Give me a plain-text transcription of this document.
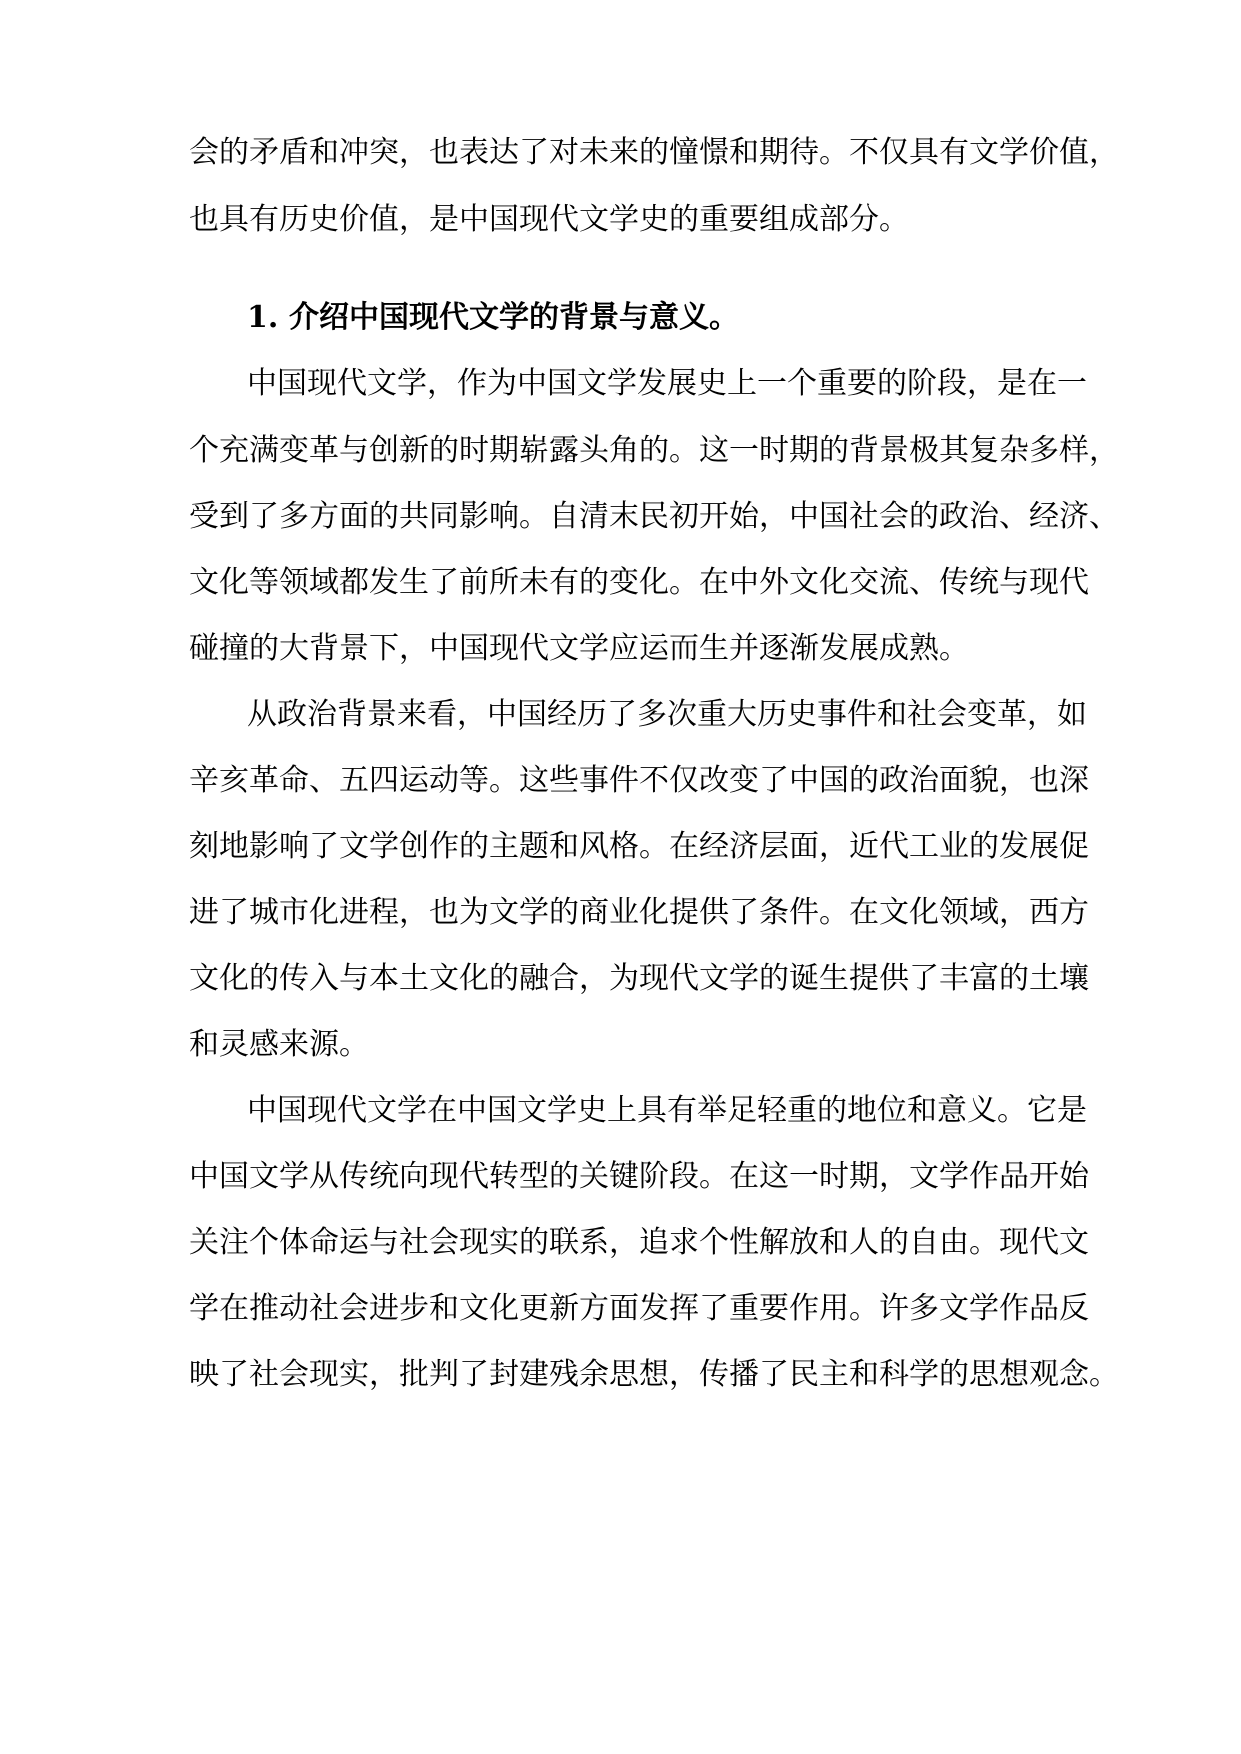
会的矛盾和冲突，也表达了对未来的憧憬和期待。不仅具有文学价值，
也具有历史价值，是中国现代文学史的重要组成部分。
1. 介绍中国现代文学的背景与意义。
中国现代文学，作为中国文学发展史上一个重要的阶段，是在一
个充满变革与创新的时期崭露头角的。这一时期的背景极其复杂多样，
受到了多方面的共同影响。自清末民初开始，中国社会的政治、经济、
文化等领域都发生了前所未有的变化。在中外文化交流、传统与现代
碰撞的大背景下，中国现代文学应运而生并逐渐发展成熟。
从政治背景来看，中国经历了多次重大历史事件和社会变革，如
辛亥革命、五四运动等。这些事件不仅改变了中国的政治面貌，也深
刻地影响了文学创作的主题和风格。在经济层面，近代工业的发展促
进了城市化进程，也为文学的商业化提供了条件。在文化领域，西方
文化的传入与本土文化的融合，为现代文学的诞生提供了丰富的土壤
和灵感来源。
中国现代文学在中国文学史上具有举足轻重的地位和意义。它是
中国文学从传统向现代转型的关键阶段。在这一时期，文学作品开始
关注个体命运与社会现实的联系，追求个性解放和人的自由。现代文
学在推动社会进步和文化更新方面发挥了重要作用。许多文学作品反
映了社会现实，批判了封建残余思想，传播了民主和科学的思想观念。
